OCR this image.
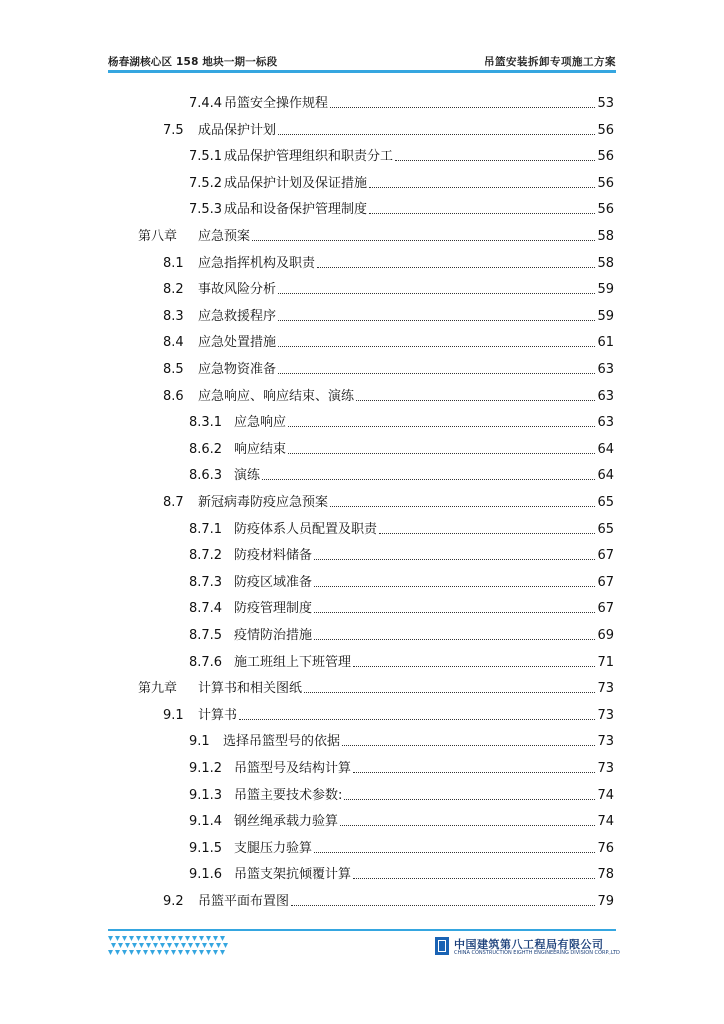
杨春湖核心区 158 地块一期一标段	吊篮安装拆卸专项施工方案
7.4.4 吊篮安全操作规程	53
7.5	成品保护计划	56
7.5.1 成品保护管理组织和职责分工	56
7.5.2 成品保护计划及保证措施	56
7.5.3 成品和设备保护管理制度	56
第八章	应急预案	58
8.1	应急指挥机构及职责	58
8.2	事故风险分析	59
8.3	应急救援程序	59
8.4	应急处置措施	61
8.5	应急物资准备	63
8.6	应急响应、响应结束、演练	63
8.3.1 应急响应	63
8.6.2 响应结束	64
8.6.3 演练	64
8.7	新冠病毒防疫应急预案	65
8.7.1 防疫体系人员配置及职责	65
8.7.2 防疫材料储备	67
8.7.3 防疫区域准备	67
8.7.4 防疫管理制度	67
8.7.5 疫情防治措施	69
8.7.6 施工班组上下班管理	71
第九章	计算书和相关图纸	73
9.1	计算书	73
9.1	选择吊篮型号的依据	73
9.1.2 吊篮型号及结构计算	73
9.1.3 吊篮主要技术参数:	74
9.1.4 钢丝绳承载力验算	74
9.1.5 支腿压力验算	76
9.1.6 吊篮支架抗倾覆计算	78
9.2	吊篮平面布置图	79
中国建筑第八工程局有限公司
CHINA CONSTRUCTION EIGHTH ENGINEERING DIVISION CORP.,LTD
